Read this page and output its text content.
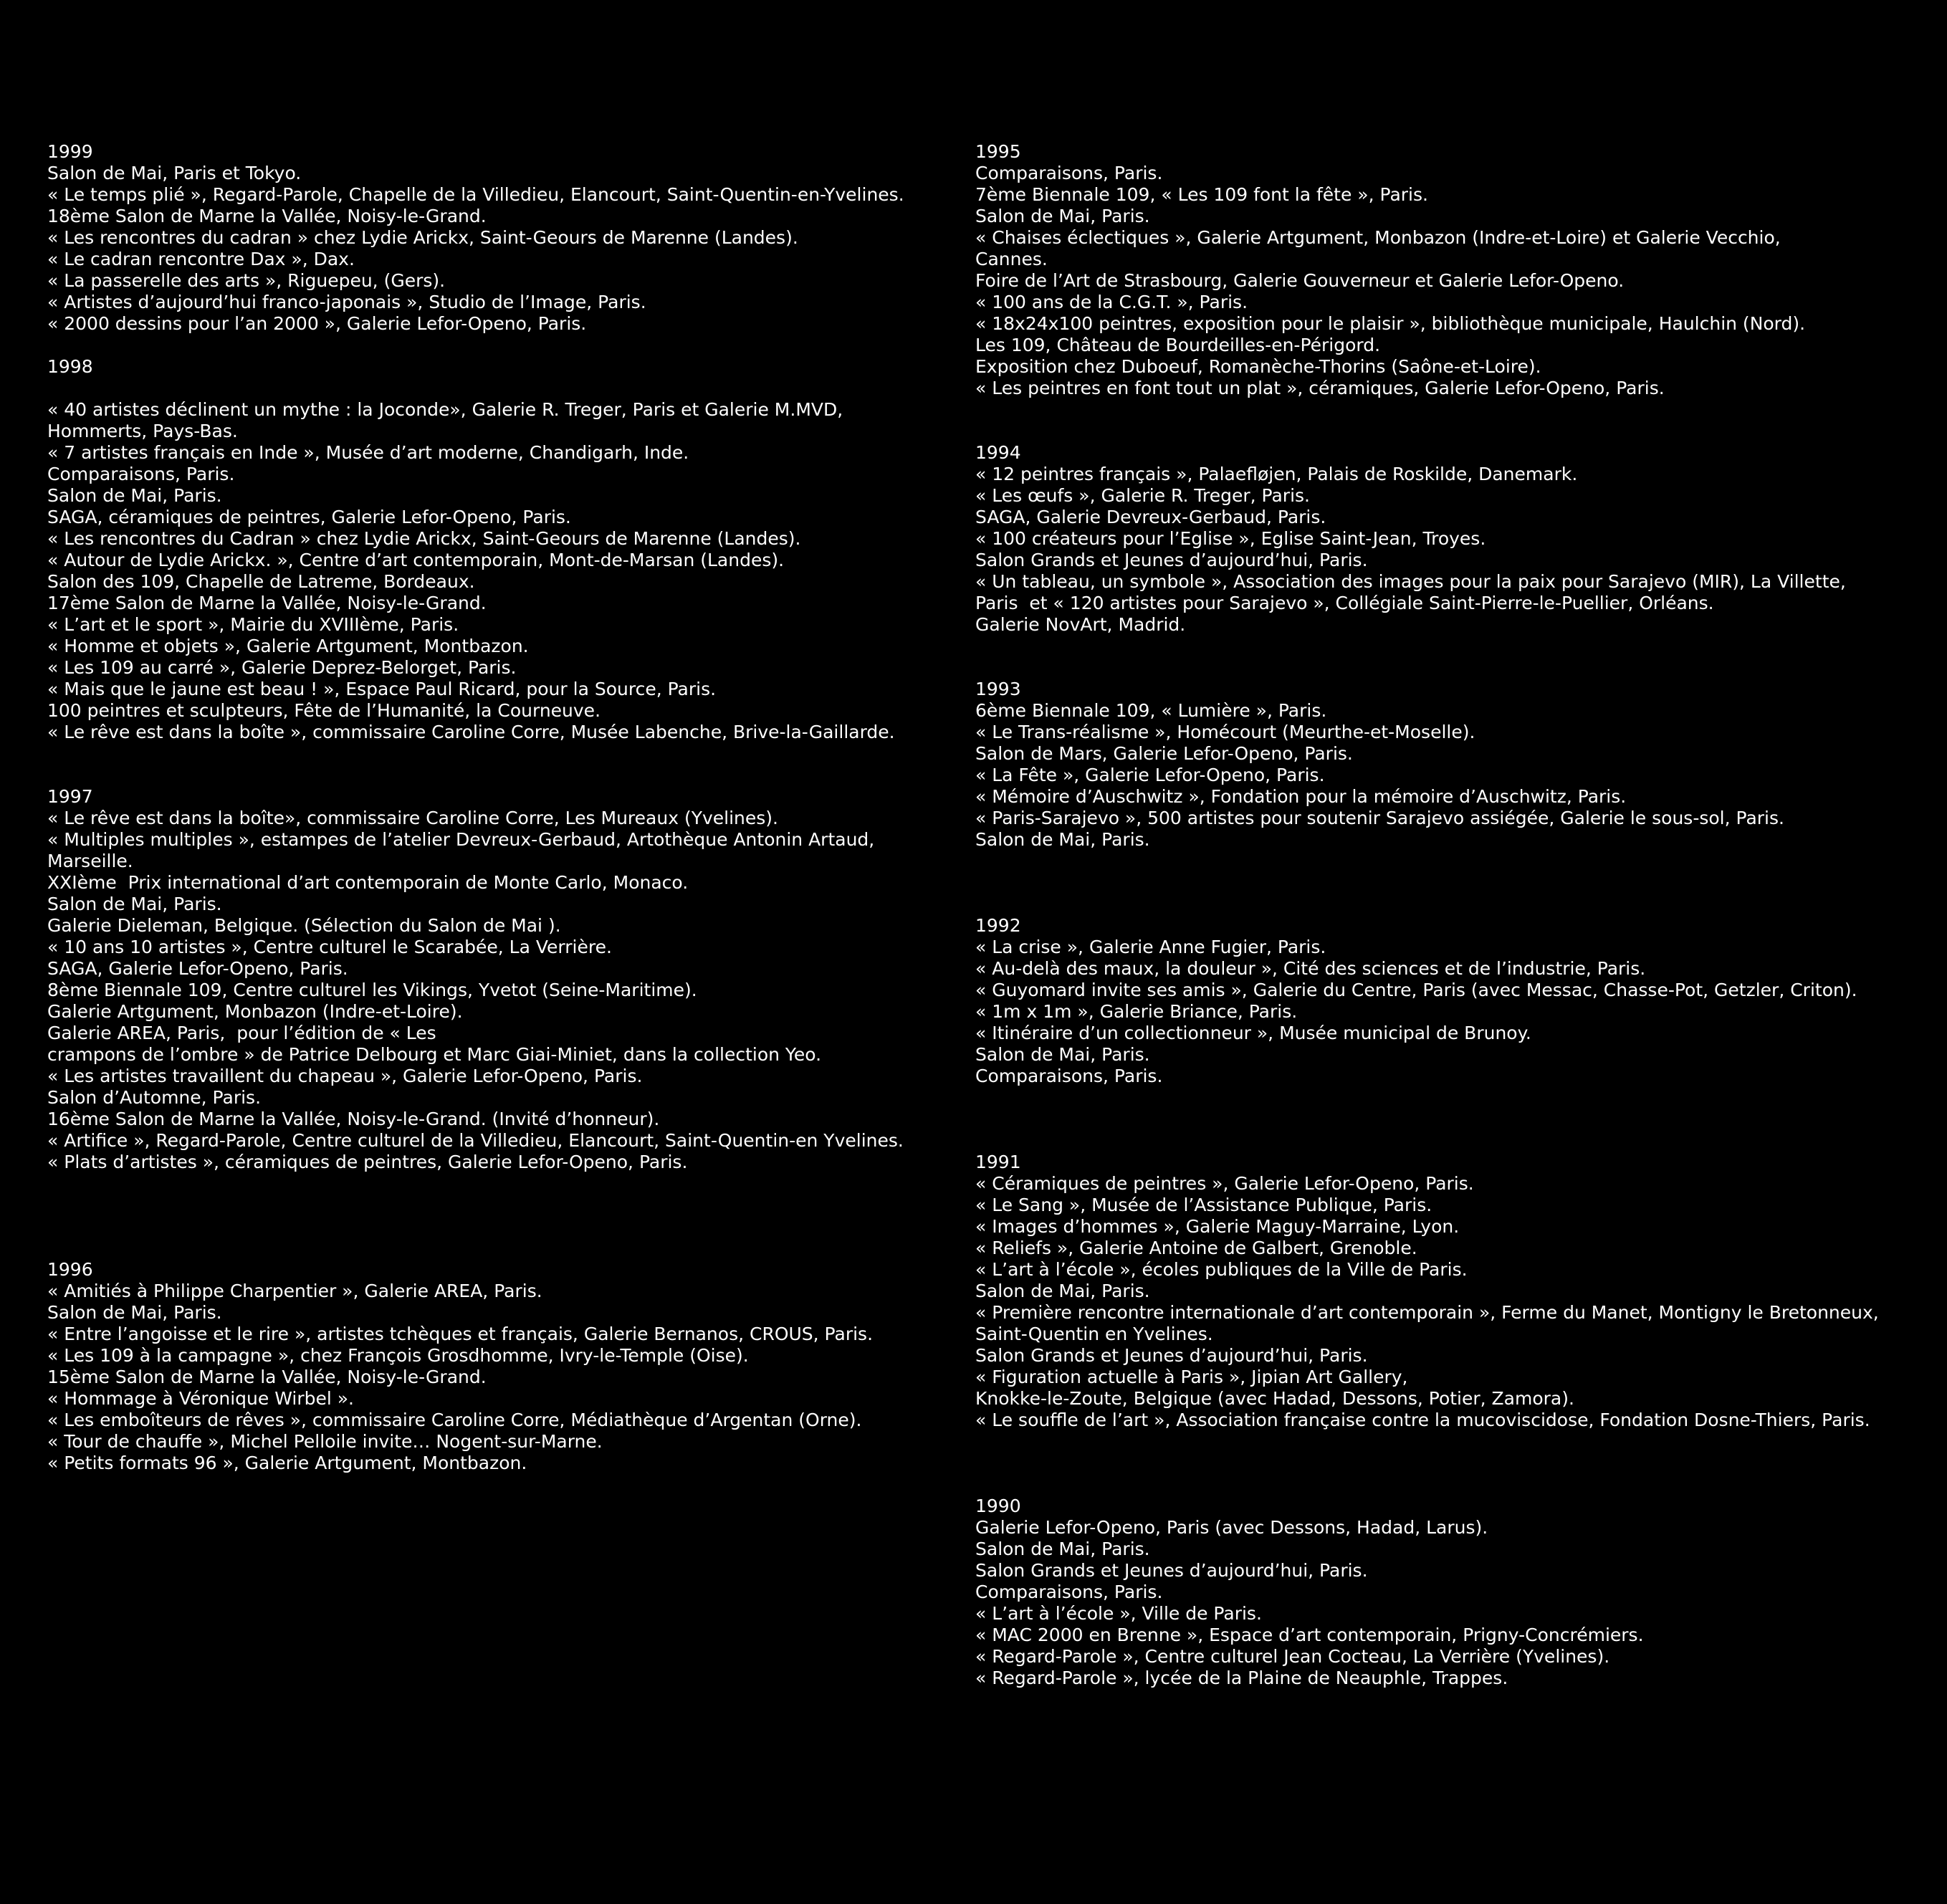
1999
Salon de Mai, Paris et Tokyo.
« Le temps plié », Regard-Parole, Chapelle de la Villedieu, Elancourt, Saint-Quentin-en-Yvelines.
18ème Salon de Marne la Vallée, Noisy-le-Grand.
« Les rencontres du cadran » chez Lydie Arickx, Saint-Geours de Marenne (Landes).
« Le cadran rencontre Dax », Dax.
« La passerelle des arts », Riguepeu, (Gers).
« Artistes d’aujourd’hui franco-japonais », Studio de l’Image, Paris.
« 2000 dessins pour l’an 2000 », Galerie Lefor-Openo, Paris.
1998
« 40 artistes déclinent un mythe : la Joconde», Galerie R. Treger, Paris et Galerie M.MVD,
Hommerts, Pays-Bas.
« 7 artistes français en Inde », Musée d’art moderne, Chandigarh, Inde.
Comparaisons, Paris.
Salon de Mai, Paris.
SAGA, céramiques de peintres, Galerie Lefor-Openo, Paris.
« Les rencontres du Cadran » chez Lydie Arickx, Saint-Geours de Marenne (Landes).
« Autour de Lydie Arickx. », Centre d’art contemporain, Mont-de-Marsan (Landes).
Salon des 109, Chapelle de Latreme, Bordeaux.
17ème Salon de Marne la Vallée, Noisy-le-Grand.
« L’art et le sport », Mairie du XVIIIème, Paris.
« Homme et objets », Galerie Artgument, Montbazon.
« Les 109 au carré », Galerie Deprez-Belorget, Paris.
« Mais que le jaune est beau ! », Espace Paul Ricard, pour la Source, Paris.
100 peintres et sculpteurs, Fête de l’Humanité, la Courneuve.
« Le rêve est dans la boîte », commissaire Caroline Corre, Musée Labenche, Brive-la-Gaillarde.
1997
« Le rêve est dans la boîte», commissaire Caroline Corre, Les Mureaux (Yvelines).
« Multiples multiples », estampes de l’atelier Devreux-Gerbaud, Artothèque Antonin Artaud,
Marseille.
XXIème  Prix international d’art contemporain de Monte Carlo, Monaco.
Salon de Mai, Paris.
Galerie Dieleman, Belgique. (Sélection du Salon de Mai ).
« 10 ans 10 artistes », Centre culturel le Scarabée, La Verrière.
SAGA, Galerie Lefor-Openo, Paris.
8ème Biennale 109, Centre culturel les Vikings, Yvetot (Seine-Maritime).
Galerie Artgument, Monbazon (Indre-et-Loire).
Galerie AREA, Paris,  pour l’édition de « Les
crampons de l’ombre » de Patrice Delbourg et Marc Giai-Miniet, dans la collection Yeo.
« Les artistes travaillent du chapeau », Galerie Lefor-Openo, Paris.
Salon d’Automne, Paris.
16ème Salon de Marne la Vallée, Noisy-le-Grand. (Invité d’honneur).
« Artifice », Regard-Parole, Centre culturel de la Villedieu, Elancourt, Saint-Quentin-en Yvelines.
« Plats d’artistes », céramiques de peintres, Galerie Lefor-Openo, Paris.
1996
« Amitiés à Philippe Charpentier », Galerie AREA, Paris.
Salon de Mai, Paris.
« Entre l’angoisse et le rire », artistes tchèques et français, Galerie Bernanos, CROUS, Paris.
« Les 109 à la campagne », chez François Grosdhomme, Ivry-le-Temple (Oise).
15ème Salon de Marne la Vallée, Noisy-le-Grand.
« Hommage à Véronique Wirbel ».
« Les emboîteurs de rêves », commissaire Caroline Corre, Médiathèque d’Argentan (Orne).
« Tour de chauffe », Michel Pelloile invite… Nogent-sur-Marne.
« Petits formats 96 », Galerie Artgument, Montbazon.
1995
Comparaisons, Paris.
7ème Biennale 109, « Les 109 font la fête », Paris.
Salon de Mai, Paris.
« Chaises éclectiques », Galerie Artgument, Monbazon (Indre-et-Loire) et Galerie Vecchio,
Cannes.
Foire de l’Art de Strasbourg, Galerie Gouverneur et Galerie Lefor-Openo.
« 100 ans de la C.G.T. », Paris.
« 18x24x100 peintres, exposition pour le plaisir », bibliothèque municipale, Haulchin (Nord).
Les 109, Château de Bourdeilles-en-Périgord.
Exposition chez Duboeuf, Romanèche-Thorins (Saône-et-Loire).
« Les peintres en font tout un plat », céramiques, Galerie Lefor-Openo, Paris.
1994
« 12 peintres français », Palaefløjen, Palais de Roskilde, Danemark.
« Les œufs », Galerie R. Treger, Paris.
SAGA, Galerie Devreux-Gerbaud, Paris.
« 100 créateurs pour l’Eglise », Eglise Saint-Jean, Troyes.
Salon Grands et Jeunes d’aujourd’hui, Paris.
« Un tableau, un symbole », Association des images pour la paix pour Sarajevo (MIR), La Villette,
Paris  et « 120 artistes pour Sarajevo », Collégiale Saint-Pierre-le-Puellier, Orléans.
Galerie NovArt, Madrid.
1993
6ème Biennale 109, « Lumière », Paris.
« Le Trans-réalisme », Homécourt (Meurthe-et-Moselle).
Salon de Mars, Galerie Lefor-Openo, Paris.
« La Fête », Galerie Lefor-Openo, Paris.
« Mémoire d’Auschwitz », Fondation pour la mémoire d’Auschwitz, Paris.
« Paris-Sarajevo », 500 artistes pour soutenir Sarajevo assiégée, Galerie le sous-sol, Paris.
Salon de Mai, Paris.
1992
« La crise », Galerie Anne Fugier, Paris.
« Au-delà des maux, la douleur », Cité des sciences et de l’industrie, Paris.
« Guyomard invite ses amis », Galerie du Centre, Paris (avec Messac, Chasse-Pot, Getzler, Criton).
« 1m x 1m », Galerie Briance, Paris.
« Itinéraire d’un collectionneur », Musée municipal de Brunoy.
Salon de Mai, Paris.
Comparaisons, Paris.
1991
« Céramiques de peintres », Galerie Lefor-Openo, Paris.
« Le Sang », Musée de l’Assistance Publique, Paris.
« Images d’hommes », Galerie Maguy-Marraine, Lyon.
« Reliefs », Galerie Antoine de Galbert, Grenoble.
« L’art à l’école », écoles publiques de la Ville de Paris.
Salon de Mai, Paris.
« Première rencontre internationale d’art contemporain », Ferme du Manet, Montigny le Bretonneux,
Saint-Quentin en Yvelines.
Salon Grands et Jeunes d’aujourd’hui, Paris.
« Figuration actuelle à Paris », Jipian Art Gallery,
Knokke-le-Zoute, Belgique (avec Hadad, Dessons, Potier, Zamora).
« Le souffle de l’art », Association française contre la mucoviscidose, Fondation Dosne-Thiers, Paris.
1990
Galerie Lefor-Openo, Paris (avec Dessons, Hadad, Larus).
Salon de Mai, Paris.
Salon Grands et Jeunes d’aujourd’hui, Paris.
Comparaisons, Paris.
« L’art à l’école », Ville de Paris.
« MAC 2000 en Brenne », Espace d’art contemporain, Prigny-Concrémiers.
« Regard-Parole », Centre culturel Jean Cocteau, La Verrière (Yvelines).
« Regard-Parole », lycée de la Plaine de Neauphle, Trappes.
